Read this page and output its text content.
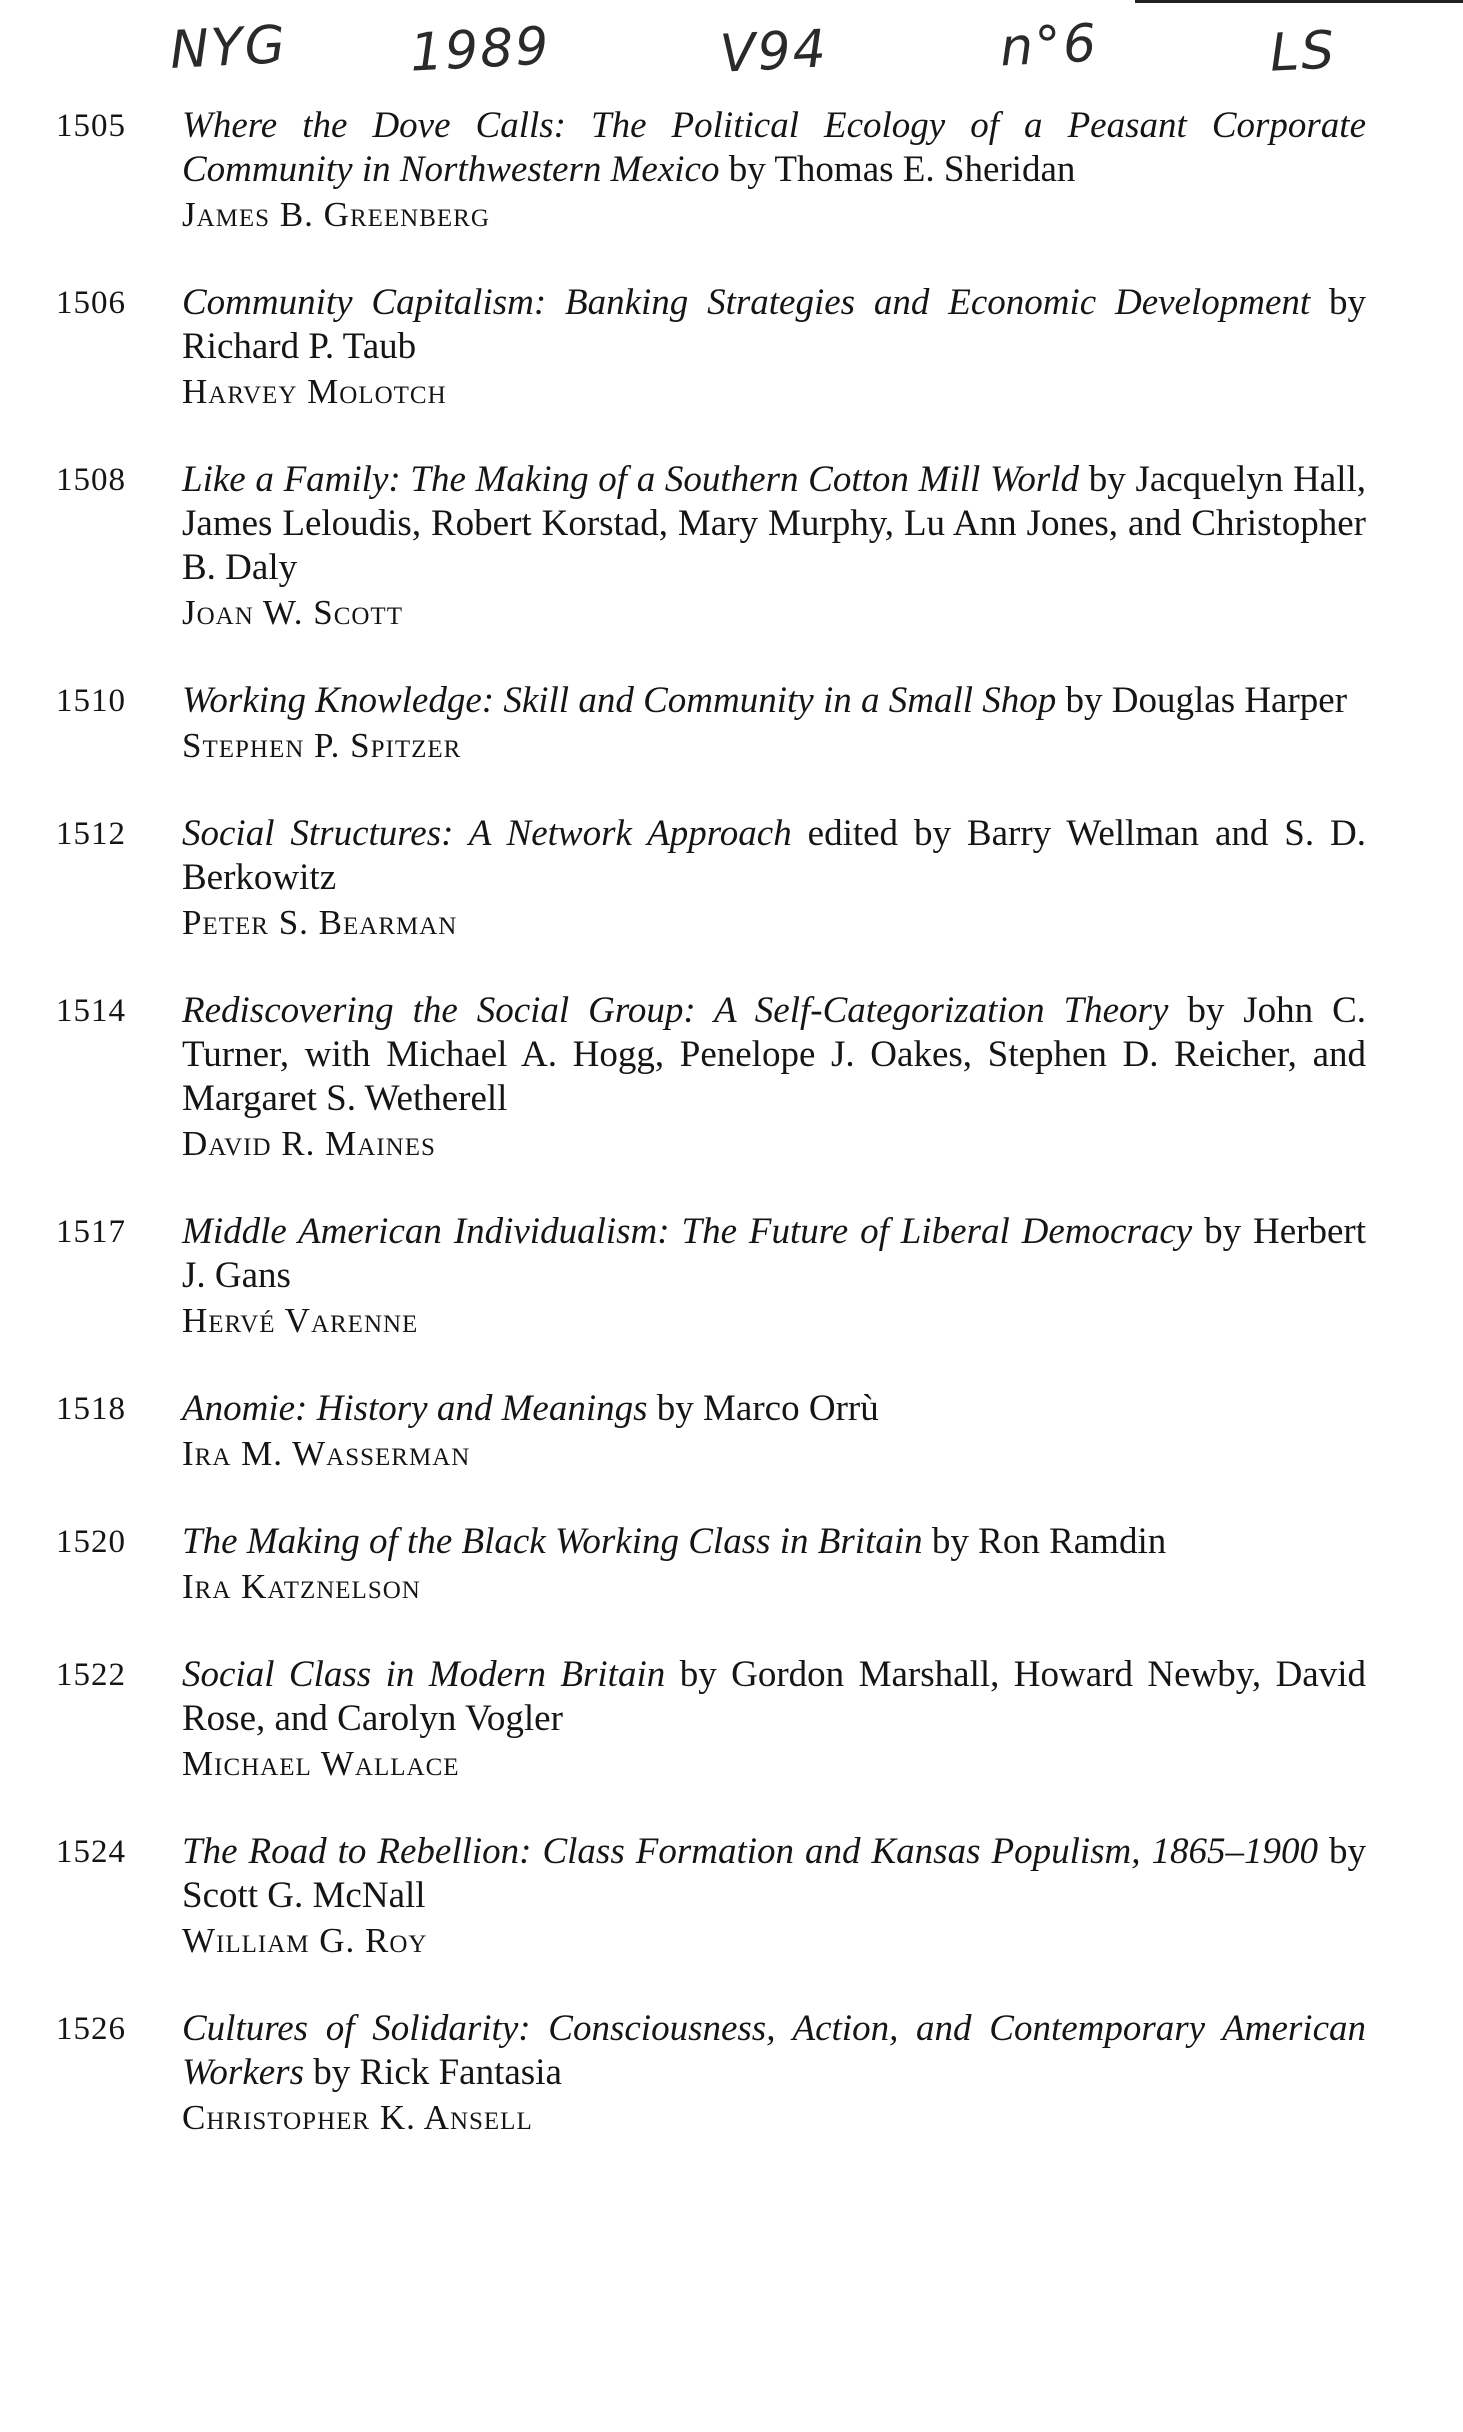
NYG 1989	V94	n°6	LS
1505	Where the Dove Calls: The Political Ecology of a Peasant Corporate Community in Northwestern Mexico by Thomas E. Sheridan
James B. Greenberg
1506	Community Capitalism: Banking Strategies and Economic Development by Richard P. Taub
Harvey Molotch
1508	Like a Family: The Making of a Southern Cotton Mill World by Jacquelyn Hall, James Leloudis, Robert Korstad, Mary Murphy, Lu Ann Jones, and Christopher B. Daly
Joan W. Scott
1510	Working Knowledge: Skill and Community in a Small Shop by Douglas Harper
Stephen P. Spitzer
1512	Social Structures: A Network Approach edited by Barry Wellman and S. D. Berkowitz
Peter S. Bearman
1514	Rediscovering the Social Group: A Self-Categorization Theory by John C. Turner, with Michael A. Hogg, Penelope J. Oakes, Stephen D. Reicher, and Margaret S. Wetherell
David R. Maines
1517	Middle American Individualism: The Future of Liberal Democracy by Herbert J. Gans
Hervé Varenne
1518	Anomie: History and Meanings by Marco Orrù
Ira M. Wasserman
1520	The Making of the Black Working Class in Britain by Ron Ramdin
Ira Katznelson
1522	Social Class in Modern Britain by Gordon Marshall, Howard Newby, David Rose, and Carolyn Vogler
Michael Wallace
1524	The Road to Rebellion: Class Formation and Kansas Populism, 1865–1900 by Scott G. McNall
William G. Roy
1526	Cultures of Solidarity: Consciousness, Action, and Contemporary American Workers by Rick Fantasia
Christopher K. Ansell
